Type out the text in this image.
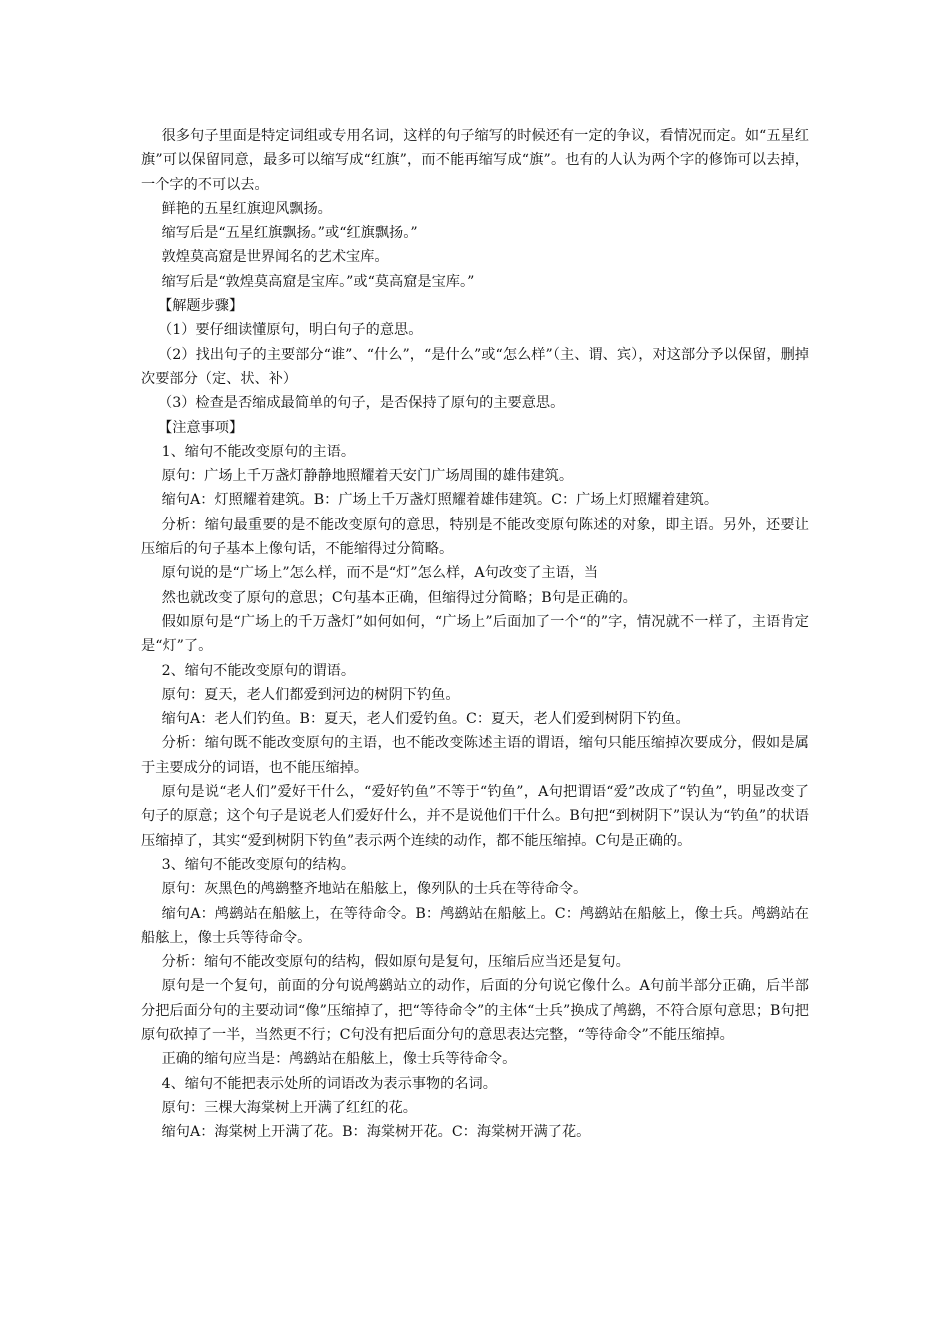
很多句子里面是特定词组或专用名词，这样的句子缩写的时候还有一定的争议，看情况而定。如“五星红旗”可以保留同意，最多可以缩写成“红旗”，而不能再缩写成“旗”。也有的人认为两个字的修饰可以去掉，一个字的不可以去。

鲜艳的五星红旗迎风飘扬。

缩写后是“五星红旗飘扬。”或“红旗飘扬。”

敦煌莫高窟是世界闻名的艺术宝库。

缩写后是“敦煌莫高窟是宝库。”或“莫高窟是宝库。”

【解题步骤】

（1）要仔细读懂原句，明白句子的意思。

（2）找出句子的主要部分“谁”、“什么”，“是什么”或“怎么样”（主、谓、宾），对这部分予以保留，删掉次要部分（定、状、补）

（3）检查是否缩成最简单的句子，是否保持了原句的主要意思。

【注意事项】

1、缩句不能改变原句的主语。

原句：广场上千万盏灯静静地照耀着天安门广场周围的雄伟建筑。

缩句A：灯照耀着建筑。B：广场上千万盏灯照耀着雄伟建筑。C：广场上灯照耀着建筑。

分析：缩句最重要的是不能改变原句的意思，特别是不能改变原句陈述的对象，即主语。另外，还要让压缩后的句子基本上像句话，不能缩得过分简略。

原句说的是“广场上”怎么样，而不是“灯”怎么样，A句改变了主语，当

然也就改变了原句的意思；C句基本正确，但缩得过分简略；B句是正确的。

假如原句是“广场上的千万盏灯”如何如何，“广场上”后面加了一个“的”字，情况就不一样了，主语肯定是“灯”了。

2、缩句不能改变原句的谓语。

原句：夏天，老人们都爱到河边的树阴下钓鱼。

缩句A：老人们钓鱼。B：夏天，老人们爱钓鱼。C：夏天，老人们爱到树阴下钓鱼。

分析：缩句既不能改变原句的主语，也不能改变陈述主语的谓语，缩句只能压缩掉次要成分，假如是属于主要成分的词语，也不能压缩掉。

原句是说“老人们”爱好干什么，“爱好钓鱼”不等于“钓鱼”，A句把谓语“爱”改成了“钓鱼”，明显改变了句子的原意；这个句子是说老人们爱好什么，并不是说他们干什么。B句把“到树阴下”误认为“钓鱼”的状语压缩掉了，其实“爱到树阴下钓鱼”表示两个连续的动作，都不能压缩掉。C句是正确的。

3、缩句不能改变原句的结构。

原句：灰黑色的鸬鹚整齐地站在船舷上，像列队的士兵在等待命令。

缩句A：鸬鹚站在船舷上，在等待命令。B：鸬鹚站在船舷上。C：鸬鹚站在船舷上，像士兵。鸬鹚站在船舷上，像士兵等待命令。

分析：缩句不能改变原句的结构，假如原句是复句，压缩后应当还是复句。

原句是一个复句，前面的分句说鸬鹚站立的动作，后面的分句说它像什么。A句前半部分正确，后半部分把后面分句的主要动词“像”压缩掉了，把“等待命令”的主体“士兵”换成了鸬鹚，不符合原句意思；B句把原句砍掉了一半，当然更不行；C句没有把后面分句的意思表达完整，“等待命令”不能压缩掉。

正确的缩句应当是：鸬鹚站在船舷上，像士兵等待命令。

4、缩句不能把表示处所的词语改为表示事物的名词。

原句：三棵大海棠树上开满了红红的花。

缩句A：海棠树上开满了花。B：海棠树开花。C：海棠树开满了花。
